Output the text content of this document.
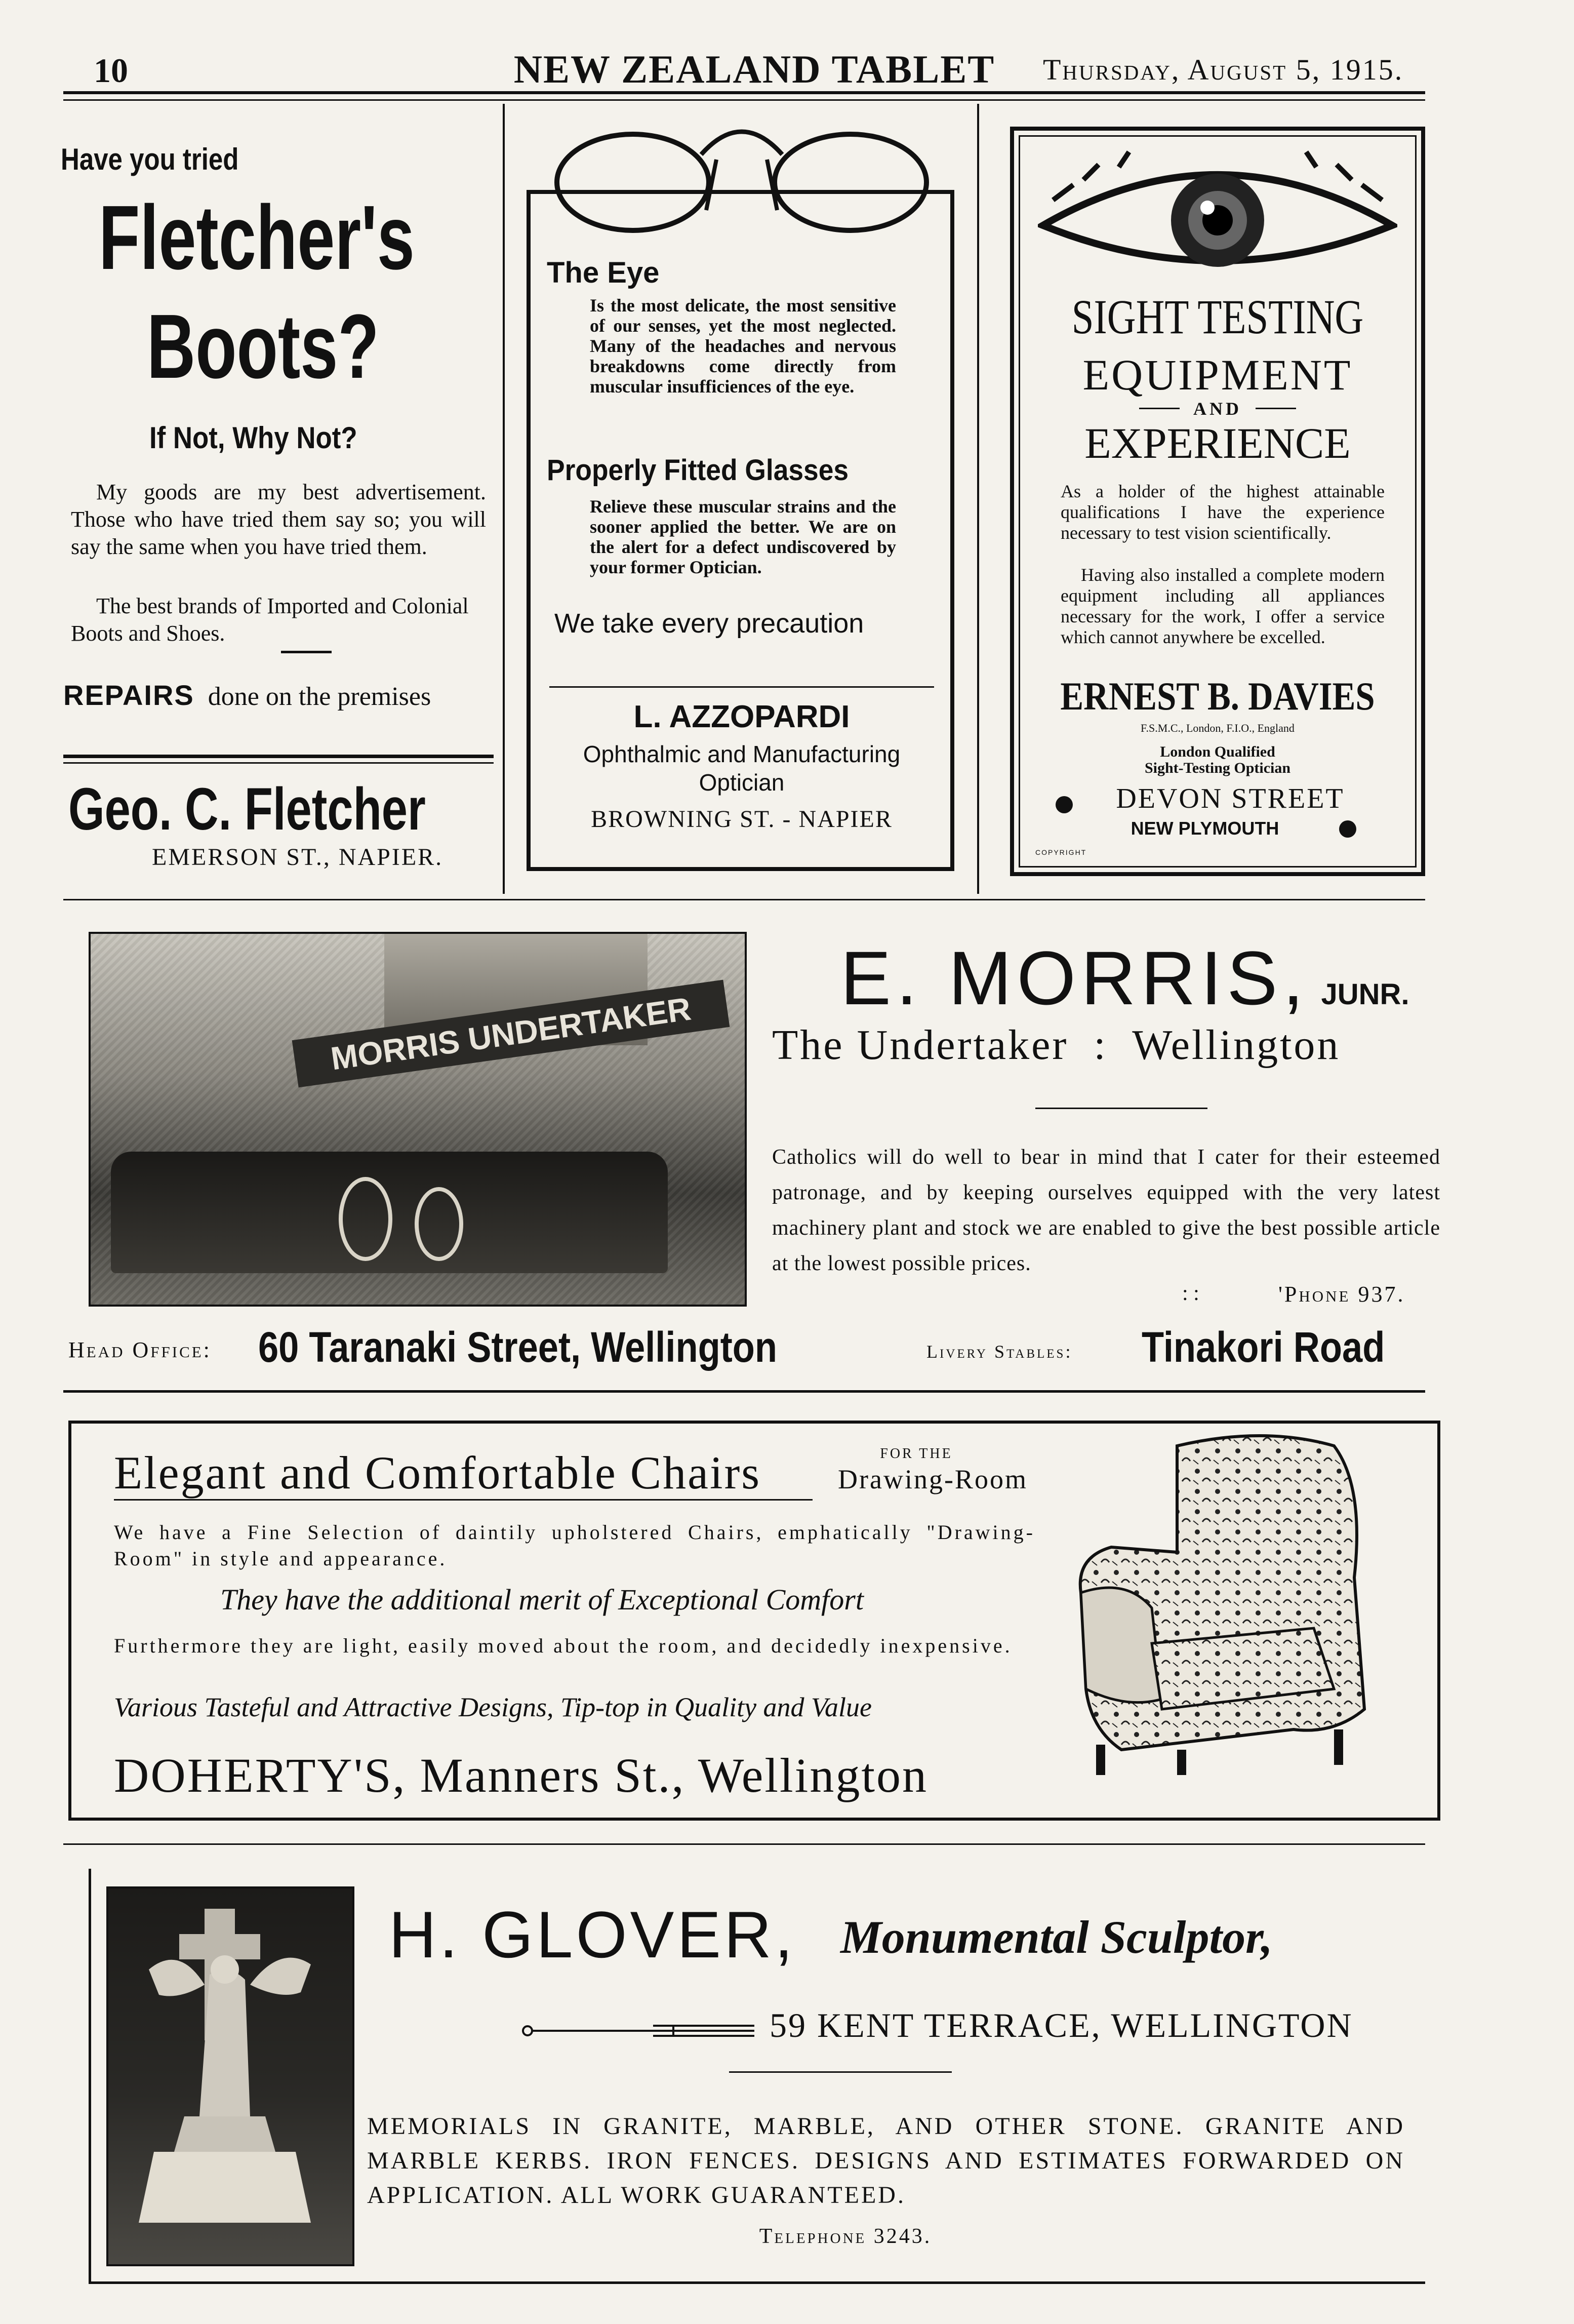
10	NEW ZEALAND TABLET	Thursday, August 5, 1915.
Have you tried
Fletcher's
Boots?
If Not, Why Not?

My goods are my best advertisement. Those who have tried them say so; you will say the same when you have tried them.

The best brands of Imported and Colonial Boots and Shoes.

REPAIRS done on the premises
Geo. C. Fletcher
EMERSON ST., NAPIER.
The Eye

Is the most delicate, the most sensitive of our senses, yet the most neglected. Many of the headaches and nervous breakdowns come directly from muscular insufficiences of the eye.

Properly Fitted Glasses

Relieve these muscular strains and the sooner applied the better. We are on the alert for a defect undiscovered by your former Optician.

We take every precaution
L. AZZOPARDI
Ophthalmic and Manufacturing
Optician
BROWNING ST. - NAPIER
SIGHT TESTING
EQUIPMENT
AND
EXPERIENCE

As a holder of the highest attainable qualifications I have the experience necessary to test vision scientifically.

Having also installed a complete modern equipment including all appliances necessary for the work, I offer a service which cannot anywhere be excelled.

ERNEST B. DAVIES
F.S.M.C., London, F.I.O., England
London Qualified
Sight-Testing Optician
DEVON STREET
NEW PLYMOUTH
COPYRIGHT
MORRIS UNDERTAKER
E. MORRIS, JUNR.
The Undertaker  :  Wellington

Catholics will do well to bear in mind that I cater for their esteemed patronage, and by keeping ourselves equipped with the very latest machinery plant and stock we are enabled to give the best possible article at the lowest possible prices.

: :	'Phone 937.
Head Office: 60 Taranaki Street, Wellington	Livery Stables: Tinakori Road
Elegant and Comfortable Chairs	FOR THE
Drawing-Room

We have a Fine Selection of daintily upholstered Chairs, emphatically "Drawing-Room" in style and appearance.

They have the additional merit of Exceptional Comfort

Furthermore they are light, easily moved about the room, and decidedly inexpensive.

Various Tasteful and Attractive Designs, Tip-top in Quality and Value
DOHERTY'S, Manners St., Wellington
H. GLOVER, Monumental Sculptor,
59 KENT TERRACE, WELLINGTON

MEMORIALS IN GRANITE, MARBLE, AND OTHER STONE. GRANITE AND MARBLE KERBS. IRON FENCES. DESIGNS AND ESTIMATES FORWARDED ON APPLICATION. ALL WORK GUARANTEED.

Telephone 3243.
